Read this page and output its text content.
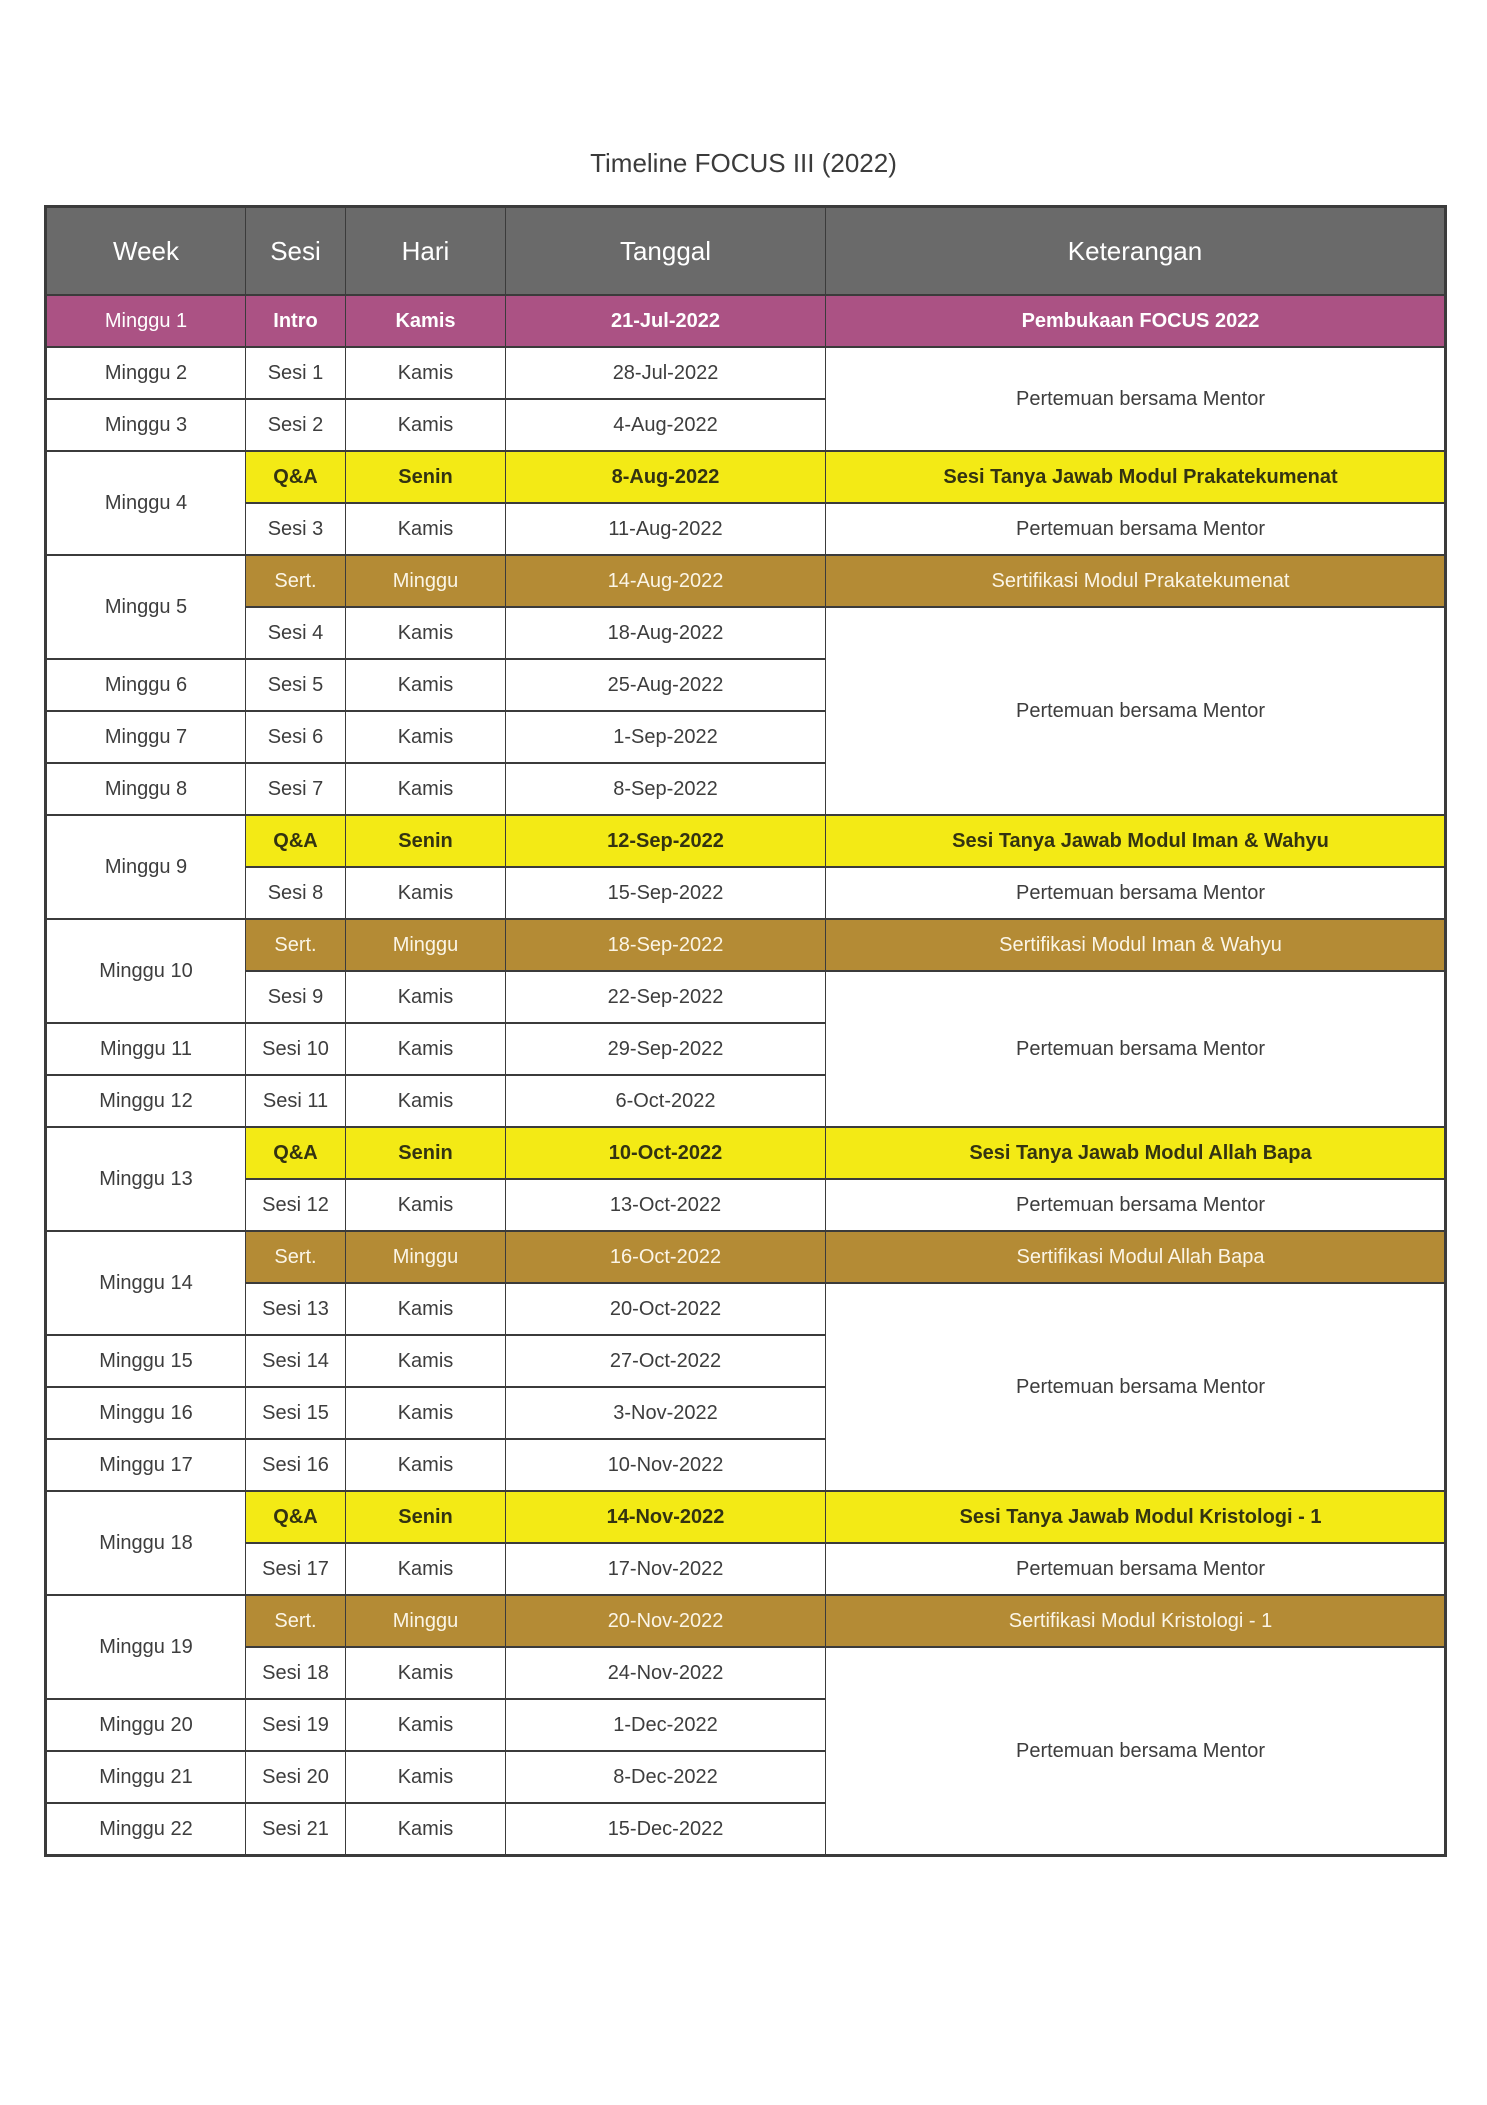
Timeline FOCUS III (2022)
Week	Sesi	Hari	Tanggal	Keterangan
Minggu 1	Intro	Kamis	21-Jul-2022	Pembukaan FOCUS 2022
Minggu 2	Sesi 1	Kamis	28-Jul-2022	Pertemuan bersama Mentor
Minggu 3	Sesi 2	Kamis	4-Aug-2022	
Minggu 4	Q&A	Senin	8-Aug-2022	Sesi Tanya Jawab Modul Prakatekumenat
	Sesi 3	Kamis	11-Aug-2022	Pertemuan bersama Mentor
Minggu 5	Sert.	Minggu	14-Aug-2022	Sertifikasi Modul Prakatekumenat
	Sesi 4	Kamis	18-Aug-2022	Pertemuan bersama Mentor
Minggu 6	Sesi 5	Kamis	25-Aug-2022	
Minggu 7	Sesi 6	Kamis	1-Sep-2022	
Minggu 8	Sesi 7	Kamis	8-Sep-2022	
Minggu 9	Q&A	Senin	12-Sep-2022	Sesi Tanya Jawab Modul Iman & Wahyu
	Sesi 8	Kamis	15-Sep-2022	Pertemuan bersama Mentor
Minggu 10	Sert.	Minggu	18-Sep-2022	Sertifikasi Modul Iman & Wahyu
	Sesi 9	Kamis	22-Sep-2022	Pertemuan bersama Mentor
Minggu 11	Sesi 10	Kamis	29-Sep-2022	
Minggu 12	Sesi 11	Kamis	6-Oct-2022	
Minggu 13	Q&A	Senin	10-Oct-2022	Sesi Tanya Jawab Modul Allah Bapa
	Sesi 12	Kamis	13-Oct-2022	Pertemuan bersama Mentor
Minggu 14	Sert.	Minggu	16-Oct-2022	Sertifikasi Modul Allah Bapa
	Sesi 13	Kamis	20-Oct-2022	Pertemuan bersama Mentor
Minggu 15	Sesi 14	Kamis	27-Oct-2022	
Minggu 16	Sesi 15	Kamis	3-Nov-2022	
Minggu 17	Sesi 16	Kamis	10-Nov-2022	
Minggu 18	Q&A	Senin	14-Nov-2022	Sesi Tanya Jawab Modul Kristologi - 1
	Sesi 17	Kamis	17-Nov-2022	Pertemuan bersama Mentor
Minggu 19	Sert.	Minggu	20-Nov-2022	Sertifikasi Modul Kristologi - 1
	Sesi 18	Kamis	24-Nov-2022	Pertemuan bersama Mentor
Minggu 20	Sesi 19	Kamis	1-Dec-2022	
Minggu 21	Sesi 20	Kamis	8-Dec-2022	
Minggu 22	Sesi 21	Kamis	15-Dec-2022	
